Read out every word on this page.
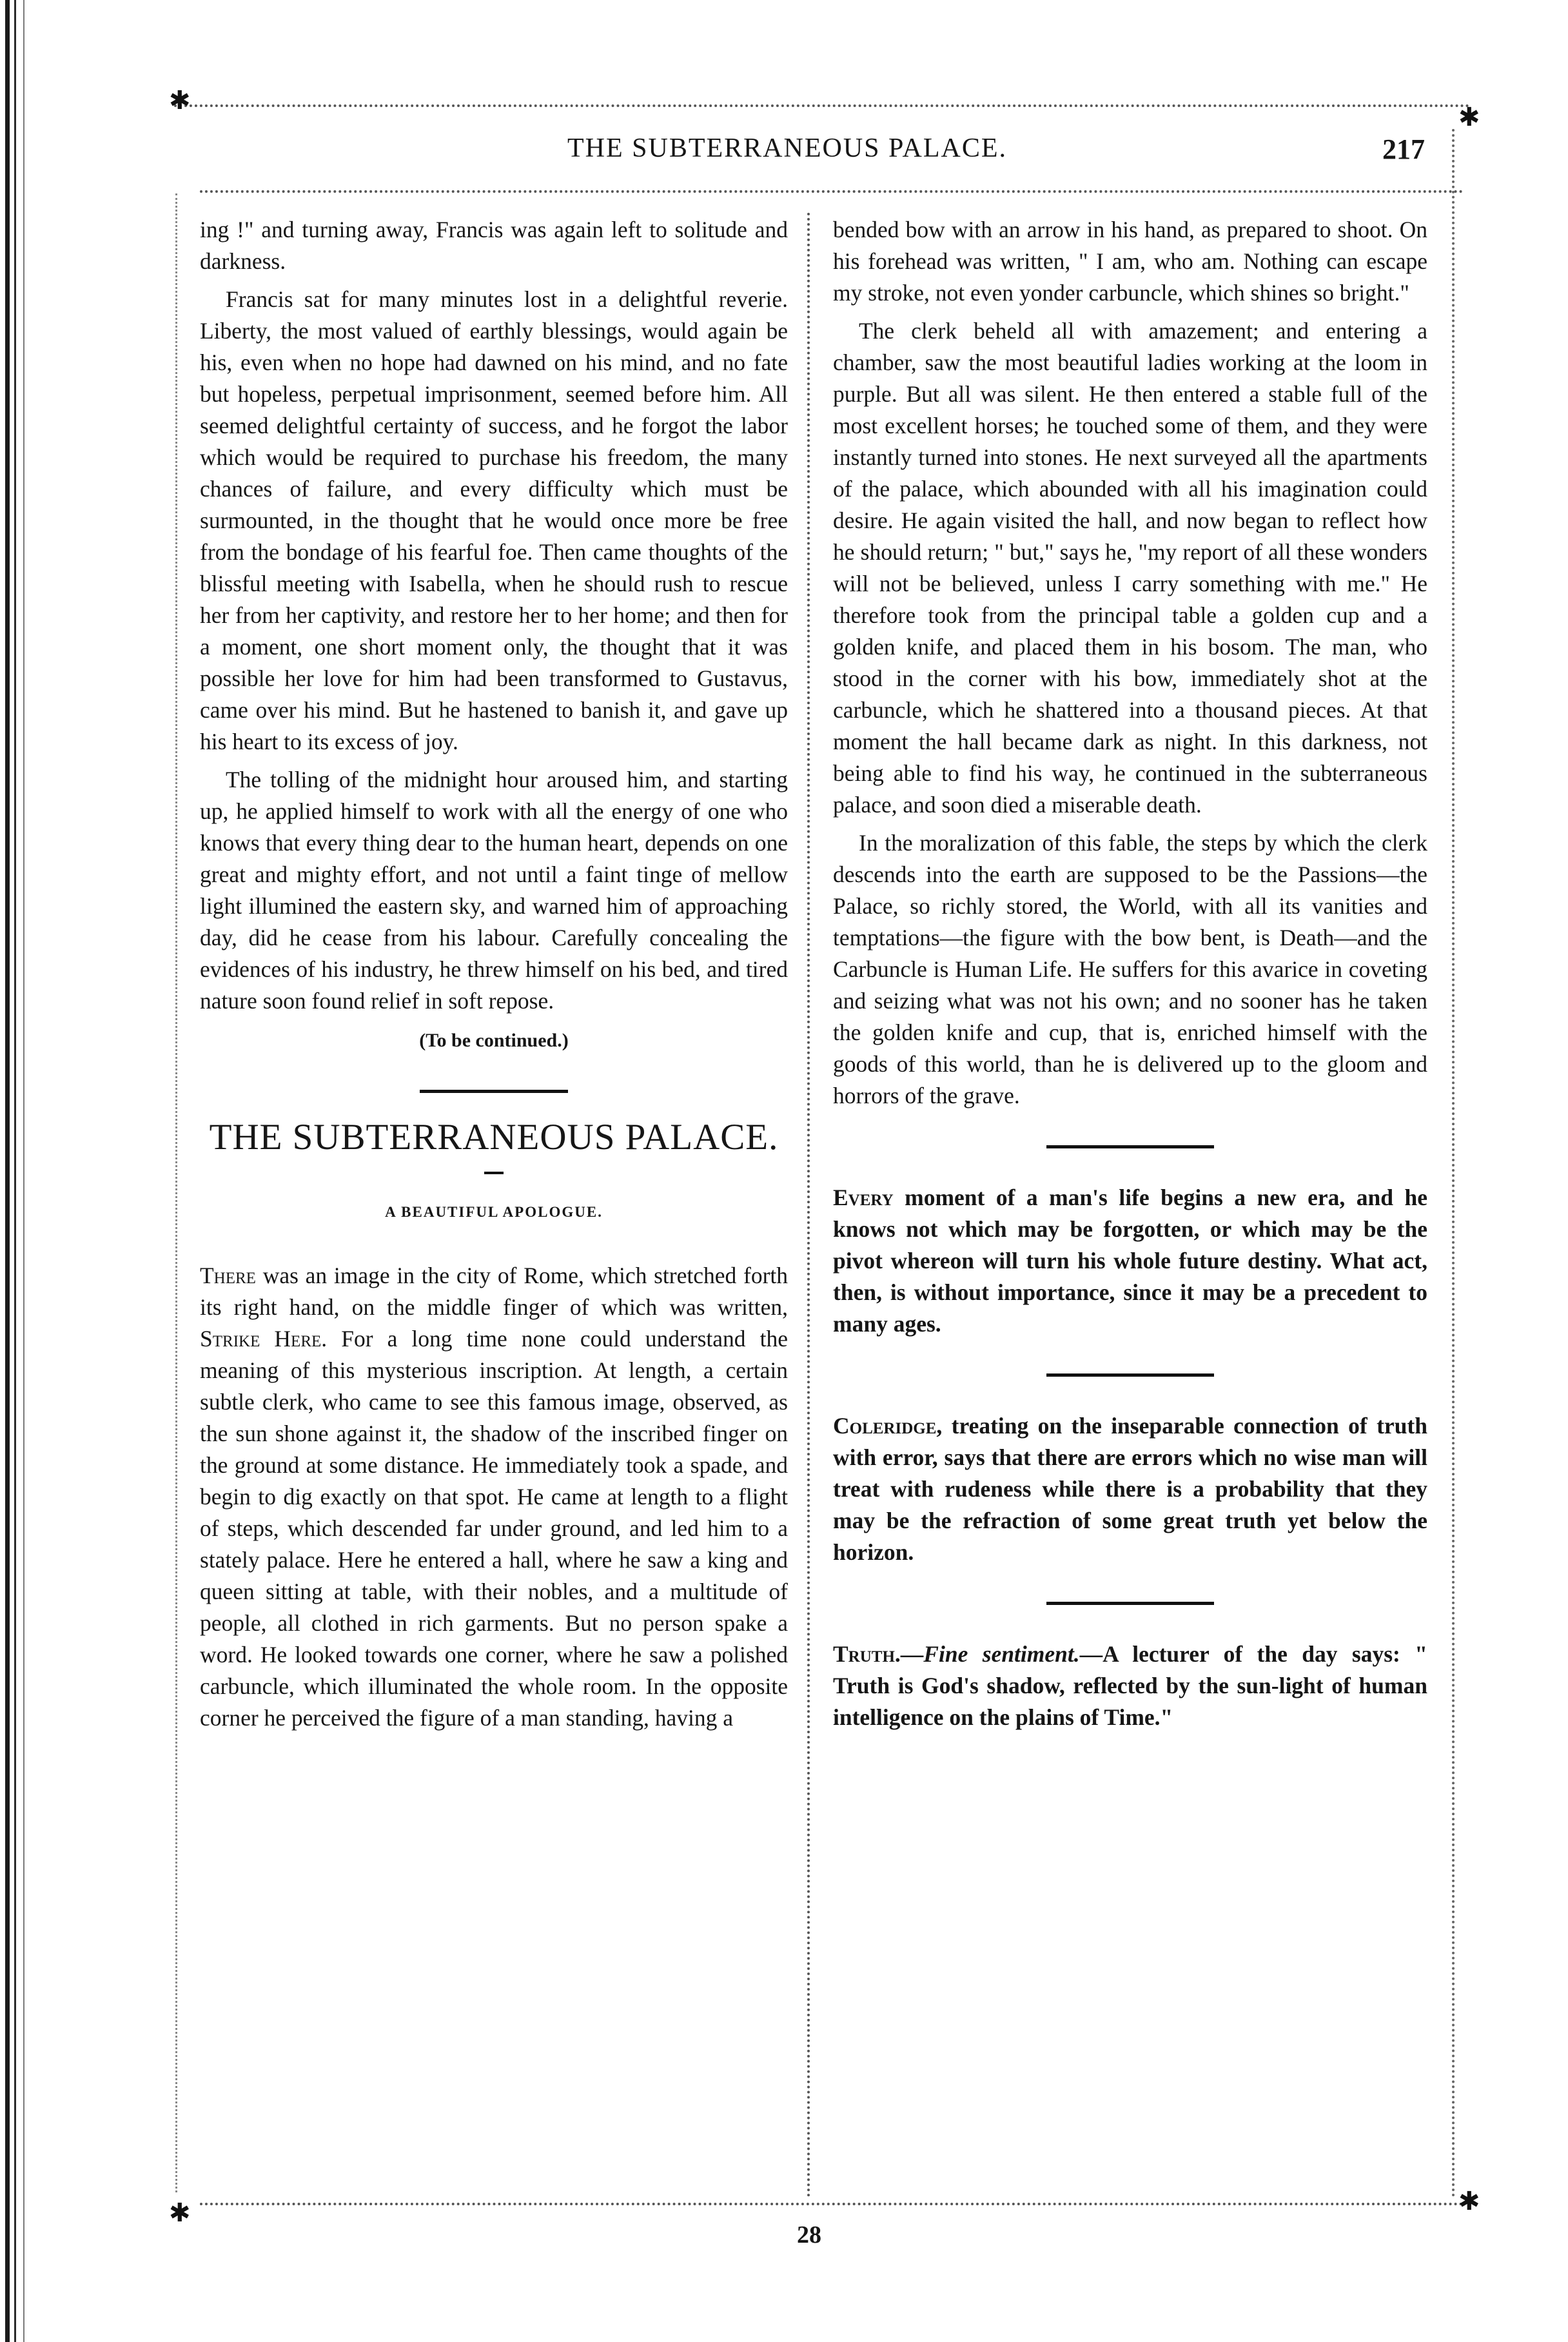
✱
✱
✱	✱
THE SUBTERRANEOUS PALACE.	217
28

ing !" and turning away, Francis was again left to solitude and darkness.

Francis sat for many minutes lost in a delightful reverie. Liberty, the most valued of earthly blessings, would again be his, even when no hope had dawned on his mind, and no fate but hopeless, perpetual imprisonment, seemed before him. All seemed delightful certainty of success, and he forgot the labor which would be required to purchase his freedom, the many chances of failure, and every difficulty which must be surmounted, in the thought that he would once more be free from the bondage of his fearful foe. Then came thoughts of the blissful meeting with Isabella, when he should rush to rescue her from her captivity, and restore her to her home; and then for a moment, one short moment only, the thought that it was possible her love for him had been transformed to Gustavus, came over his mind. But he hastened to banish it, and gave up his heart to its excess of joy.

The tolling of the midnight hour aroused him, and starting up, he applied himself to work with all the energy of one who knows that every thing dear to the human heart, depends on one great and mighty effort, and not until a faint tinge of mellow light illumined the eastern sky, and warned him of approaching day, did he cease from his labour. Carefully concealing the evidences of his industry, he threw himself on his bed, and tired nature soon found relief in soft repose.

(To be continued.)
THE SUBTERRANEOUS PALACE.
A BEAUTIFUL APOLOGUE.

There was an image in the city of Rome, which stretched forth its right hand, on the middle finger of which was written, Strike Here. For a long time none could understand the meaning of this mysterious inscription. At length, a certain subtle clerk, who came to see this famous image, observed, as the sun shone against it, the shadow of the inscribed finger on the ground at some distance. He immediately took a spade, and begin to dig exactly on that spot. He came at length to a flight of steps, which descended far under ground, and led him to a stately palace. Here he entered a hall, where he saw a king and queen sitting at table, with their nobles, and a multitude of people, all clothed in rich garments. But no person spake a word. He looked towards one corner, where he saw a polished carbuncle, which illuminated the whole room. In the opposite corner he perceived the figure of a man standing, having a

bended bow with an arrow in his hand, as prepared to shoot. On his forehead was written, " I am, who am. Nothing can escape my stroke, not even yonder carbuncle, which shines so bright."

The clerk beheld all with amazement; and entering a chamber, saw the most beautiful ladies working at the loom in purple. But all was silent. He then entered a stable full of the most excellent horses; he touched some of them, and they were instantly turned into stones. He next surveyed all the apartments of the palace, which abounded with all his imagination could desire. He again visited the hall, and now began to reflect how he should return; " but," says he, "my report of all these wonders will not be believed, unless I carry something with me." He therefore took from the principal table a golden cup and a golden knife, and placed them in his bosom. The man, who stood in the corner with his bow, immediately shot at the carbuncle, which he shattered into a thousand pieces. At that moment the hall became dark as night. In this darkness, not being able to find his way, he continued in the subterraneous palace, and soon died a miserable death.

In the moralization of this fable, the steps by which the clerk descends into the earth are supposed to be the Passions—the Palace, so richly stored, the World, with all its vanities and temptations—the figure with the bow bent, is Death—and the Carbuncle is Human Life. He suffers for this avarice in coveting and seizing what was not his own; and no sooner has he taken the golden knife and cup, that is, enriched himself with the goods of this world, than he is delivered up to the gloom and horrors of the grave.

Every moment of a man's life begins a new era, and he knows not which may be forgotten, or which may be the pivot whereon will turn his whole future destiny. What act, then, is without importance, since it may be a precedent to many ages.

Coleridge, treating on the inseparable connection of truth with error, says that there are errors which no wise man will treat with rudeness while there is a probability that they may be the refraction of some great truth yet below the horizon.

Truth.—Fine sentiment.—A lecturer of the day says: " Truth is God's shadow, reflected by the sun-light of human intelligence on the plains of Time."
